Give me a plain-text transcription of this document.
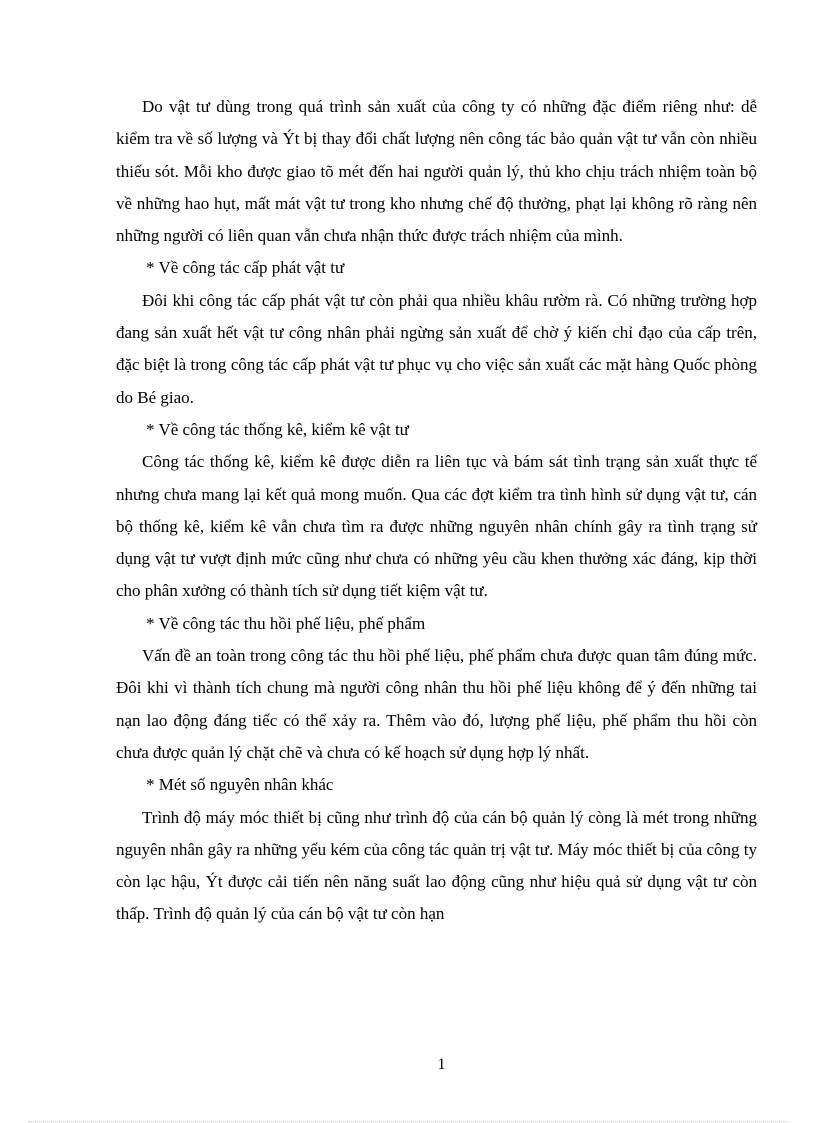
Do vật tư dùng trong quá trình sản xuất của công ty có những đặc điểm riêng như: dễ kiểm tra về số lượng và Ýt bị thay đổi chất lượng nên công tác bảo quản vật tư vẫn còn nhiều thiếu sót. Mỗi kho được giao tõ mét đến hai người quản lý, thủ kho chịu trách nhiệm toàn bộ về những hao hụt, mất mát vật tư trong kho nhưng chế độ thưởng, phạt lại không rõ ràng nên những người có liên quan vẫn chưa nhận thức được trách nhiệm của mình.

* Về công tác cấp phát vật tư

Đôi khi công tác cấp phát vật tư còn phải qua nhiều khâu rườm rà. Có những trường hợp đang sản xuất hết vật tư công nhân phải ngừng sản xuất để chờ ý kiến chỉ đạo của cấp trên, đặc biệt là trong công tác cấp phát vật tư phục vụ cho việc sản xuất các mặt hàng Quốc phòng do Bé giao.

* Về công tác thống kê, kiểm kê vật tư

Công tác thống kê, kiểm kê được diễn ra liên tục và bám sát tình trạng sản xuất thực tế nhưng chưa mang lại kết quả mong muốn. Qua các đợt kiểm tra tình hình sử dụng vật tư, cán bộ thống kê, kiểm kê vẫn chưa tìm ra được những nguyên nhân chính gây ra tình trạng sử dụng vật tư vượt định mức cũng như chưa có những yêu cầu khen thưởng xác đáng, kịp thời cho phân xưởng có thành tích sử dụng tiết kiệm vật tư.

* Về công tác thu hồi phế liệu, phế phẩm

Vấn đề an toàn trong công tác thu hồi phế liệu, phế phẩm chưa được quan tâm đúng mức. Đôi khi vì thành tích chung mà người công nhân thu hồi phế liệu không để ý đến những tai nạn lao động đáng tiếc có thể xảy ra. Thêm vào đó, lượng phế liệu, phế phẩm thu hồi còn chưa được quản lý chặt chẽ và chưa có kế hoạch sử dụng hợp lý nhất.

* Mét số nguyên nhân khác

Trình độ máy móc thiết bị cũng như trình độ của cán bộ quản lý còng là mét trong những nguyên nhân gây ra những yếu kém của công tác quản trị vật tư. Máy móc thiết bị của công ty còn lạc hậu, Ýt được cải tiến nên năng suất lao động cũng như hiệu quả sử dụng vật tư còn thấp. Trình độ quản lý của cán bộ vật tư còn hạn

1
